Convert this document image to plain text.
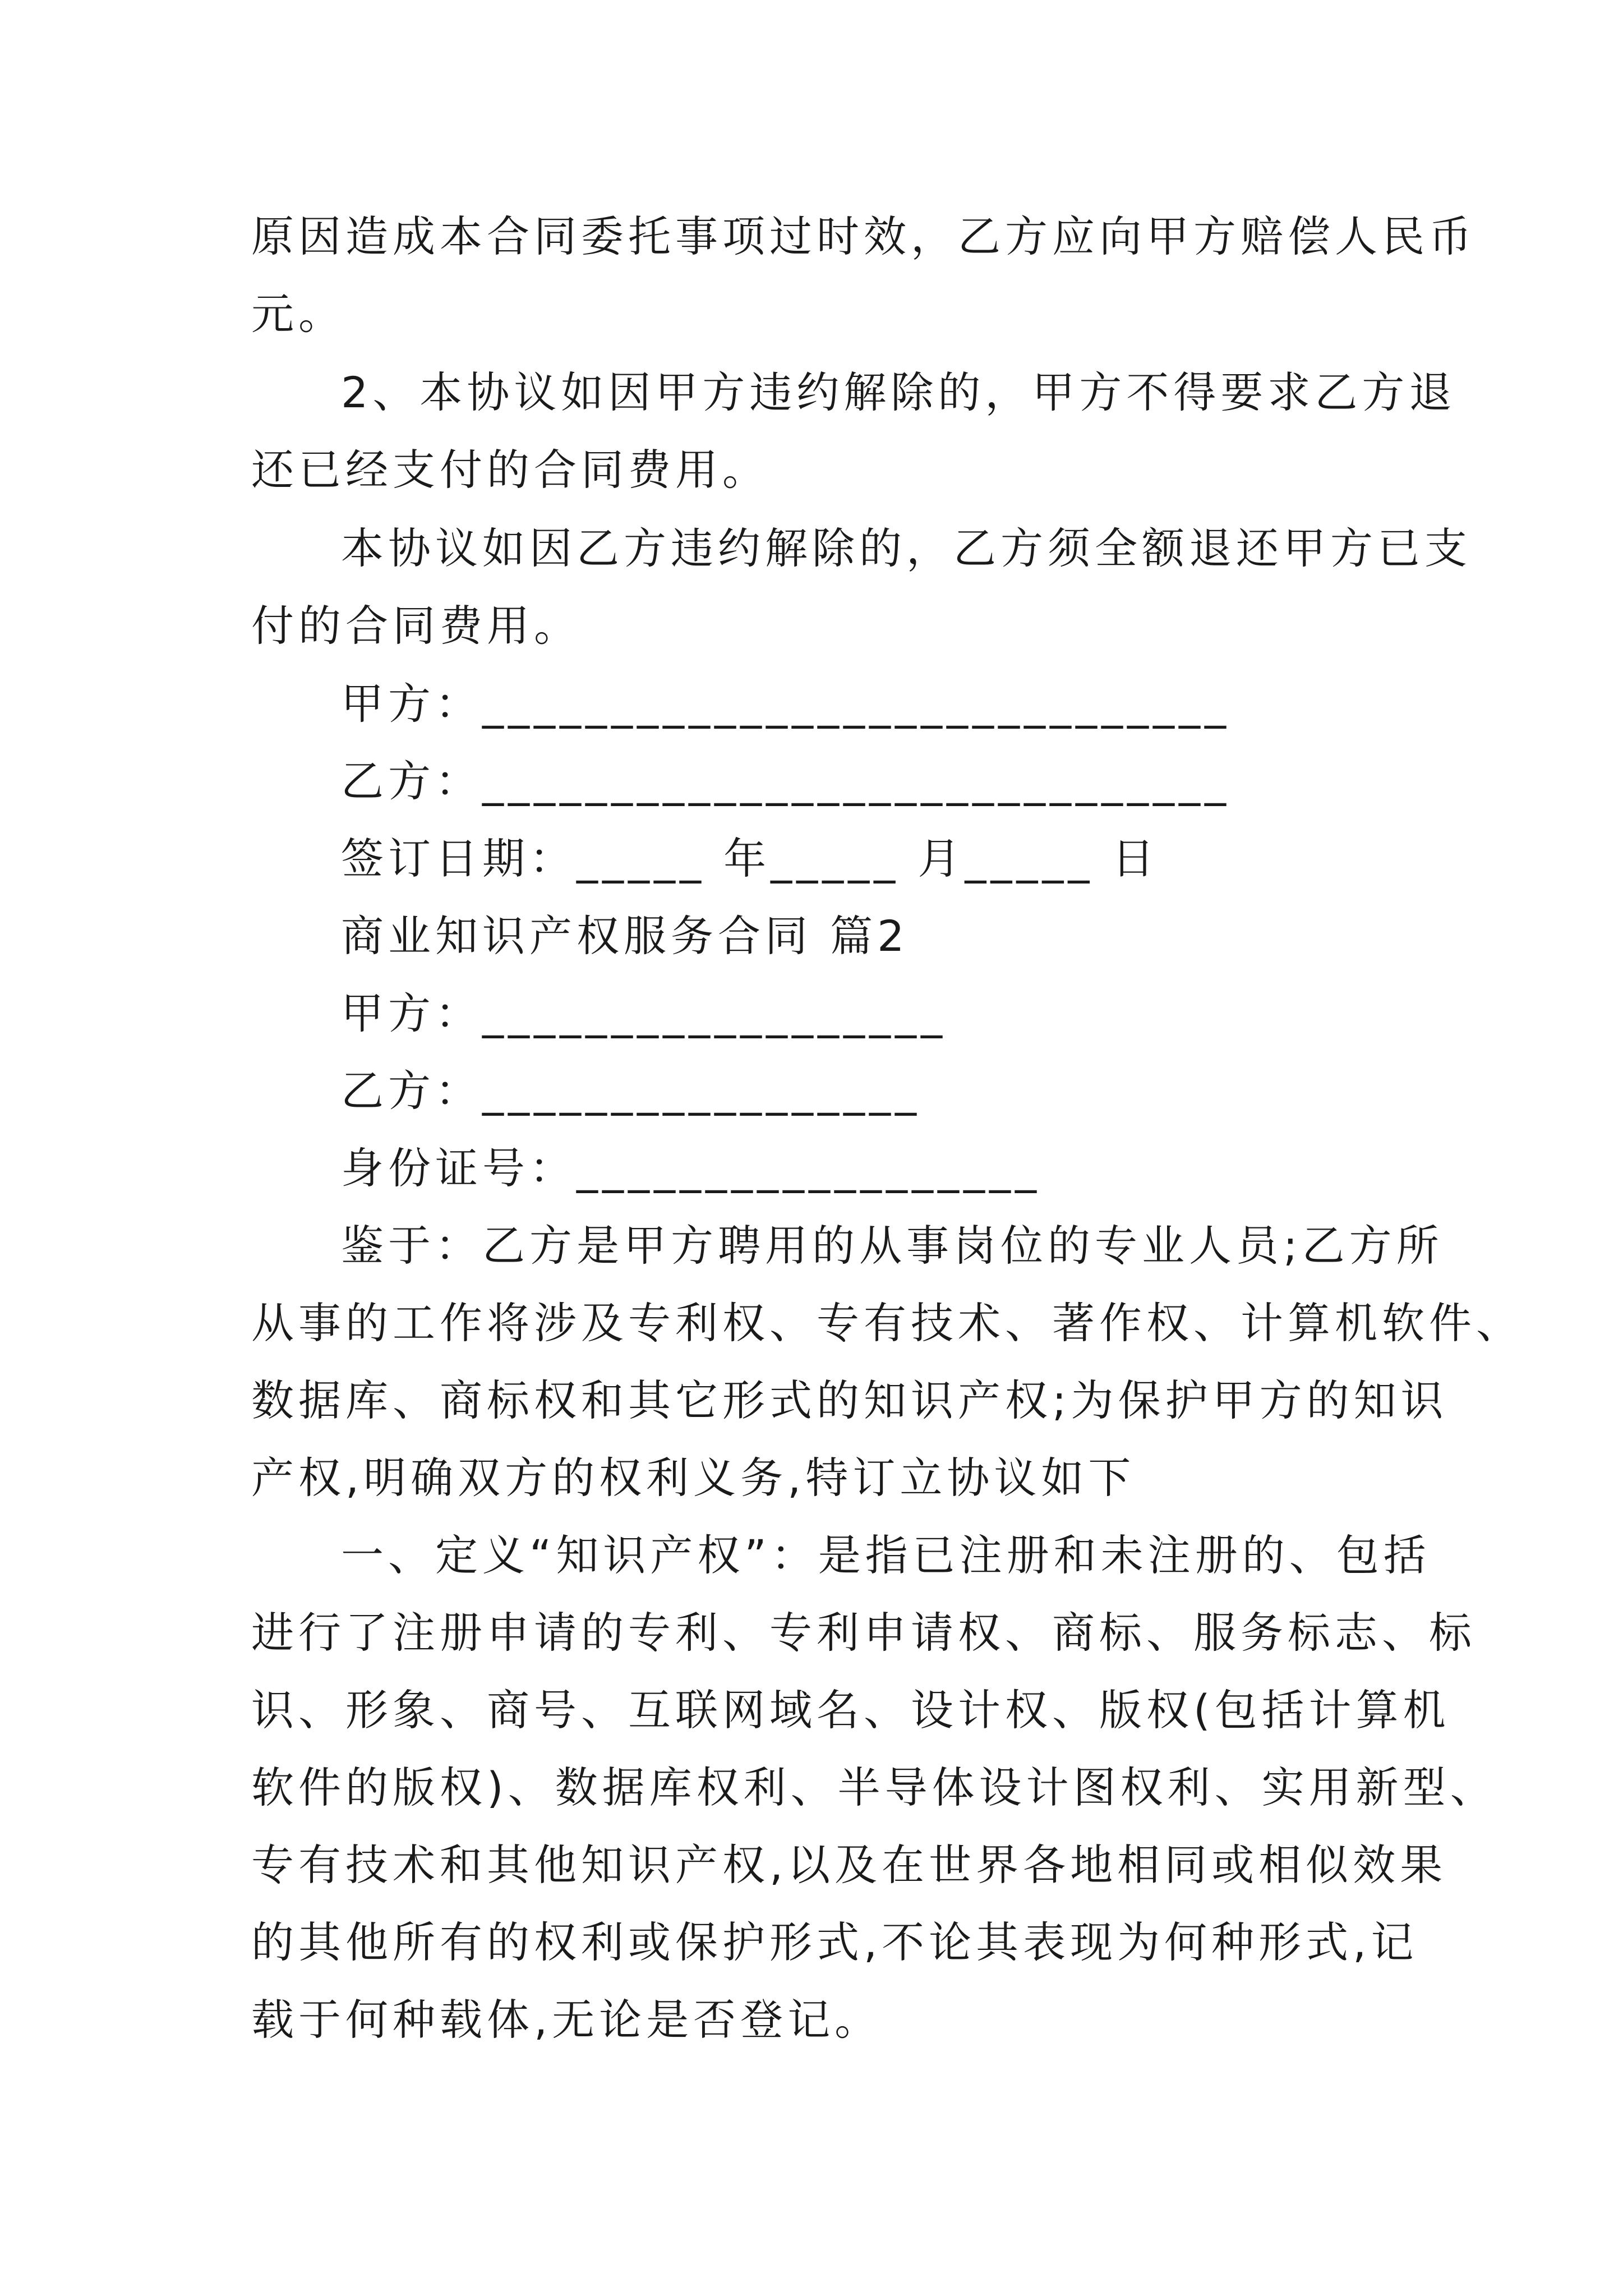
原因造成本合同委托事项过时效，乙方应向甲方赔偿人民币
元。
2、本协议如因甲方违约解除的，甲方不得要求乙方退
还已经支付的合同费用。
本协议如因乙方违约解除的，乙方须全额退还甲方已支
付的合同费用。
甲方：_____________________________
乙方：_____________________________
签订日期：_____ 年_____ 月_____ 日
商业知识产权服务合同 篇2
甲方：__________________
乙方：_________________
身份证号：__________________
鉴于：乙方是甲方聘用的从事岗位的专业人员;乙方所
从事的工作将涉及专利权、专有技术、著作权、计算机软件、
数据库、商标权和其它形式的知识产权;为保护甲方的知识
产权,明确双方的权利义务,特订立协议如下
一、定义“知识产权”：是指已注册和未注册的、包括
进行了注册申请的专利、专利申请权、商标、服务标志、标
识、形象、商号、互联网域名、设计权、版权(包括计算机
软件的版权)、数据库权利、半导体设计图权利、实用新型、
专有技术和其他知识产权,以及在世界各地相同或相似效果
的其他所有的权利或保护形式,不论其表现为何种形式,记
载于何种载体,无论是否登记。
